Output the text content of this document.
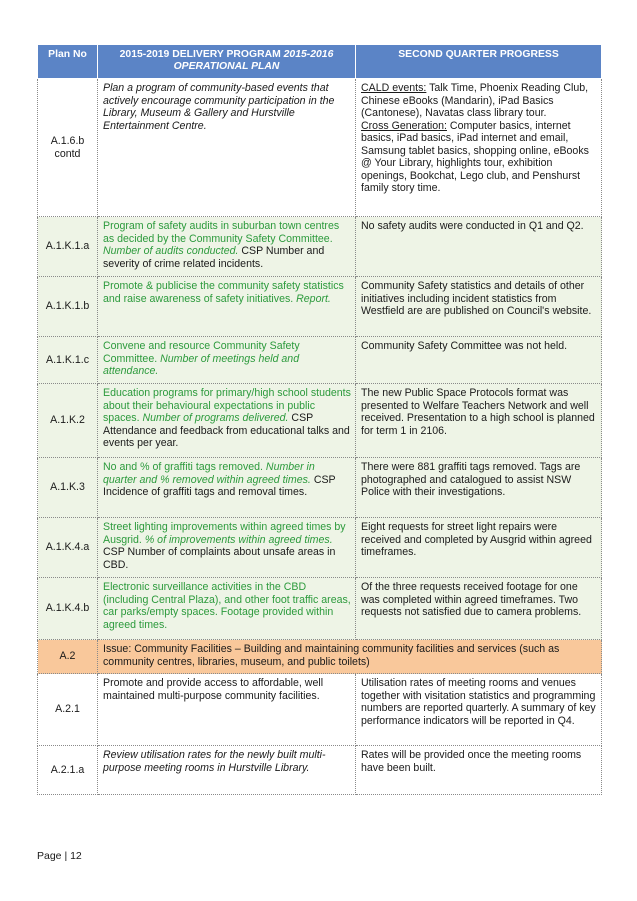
Plan No	2015-2019 DELIVERY PROGRAM 2015-2016 OPERATIONAL PLAN	SECOND QUARTER PROGRESS
A.1.6.b contd	Plan a program of community-based events that actively encourage community participation in the Library, Museum & Gallery and Hurstville Entertainment Centre.	CALD events: Talk Time, Phoenix Reading Club, Chinese eBooks (Mandarin), iPad Basics (Cantonese), Navatas class library tour.
Cross Generation: Computer basics, internet basics, iPad basics, iPad internet and email, Samsung tablet basics, shopping online, eBooks @ Your Library, highlights tour, exhibition openings, Bookchat, Lego club, and Penshurst family story time.
A.1.K.1.a	Program of safety audits in suburban town centres as decided by the Community Safety Committee. Number of audits conducted. CSP Number and severity of crime related incidents.	No safety audits were conducted in Q1 and Q2.
A.1.K.1.b	Promote & publicise the community safety statistics and raise awareness of safety initiatives. Report.	Community Safety statistics and details of other initiatives including incident statistics from Westfield are are published on Council's website.
A.1.K.1.c	Convene and resource Community Safety Committee. Number of meetings held and attendance.	Community Safety Committee was not held.
A.1.K.2	Education programs for primary/high school students about their behavioural expectations in public spaces. Number of programs delivered. CSP Attendance and feedback from educational talks and events per year.	The new Public Space Protocols format was presented to Welfare Teachers Network and well received. Presentation to a high school is planned for term 1 in 2106.
A.1.K.3	No and % of graffiti tags removed. Number in quarter and % removed within agreed times. CSP Incidence of graffiti tags and removal times.	There were 881 graffiti tags removed. Tags are photographed and catalogued to assist NSW Police with their investigations.
A.1.K.4.a	Street lighting improvements within agreed times by Ausgrid. % of improvements within agreed times. CSP Number of complaints about unsafe areas in CBD.	Eight requests for street light repairs were received and completed by Ausgrid within agreed timeframes.
A.1.K.4.b	Electronic surveillance activities in the CBD (including Central Plaza), and other foot traffic areas, car parks/empty spaces. Footage provided within agreed times.	Of the three requests received footage for one was completed within agreed timeframes. Two requests not satisfied due to camera problems.
A.2	Issue: Community Facilities – Building and maintaining community facilities and services (such as community centres, libraries, museum, and public toilets)	
A.2.1	Promote and provide access to affordable, well maintained multi-purpose community facilities.	Utilisation rates of meeting rooms and venues together with visitation statistics and programming numbers are reported quarterly. A summary of key performance indicators will be reported in Q4.
A.2.1.a	Review utilisation rates for the newly built multi-purpose meeting rooms in Hurstville Library.	Rates will be provided once the meeting rooms have been built.
Page | 12
